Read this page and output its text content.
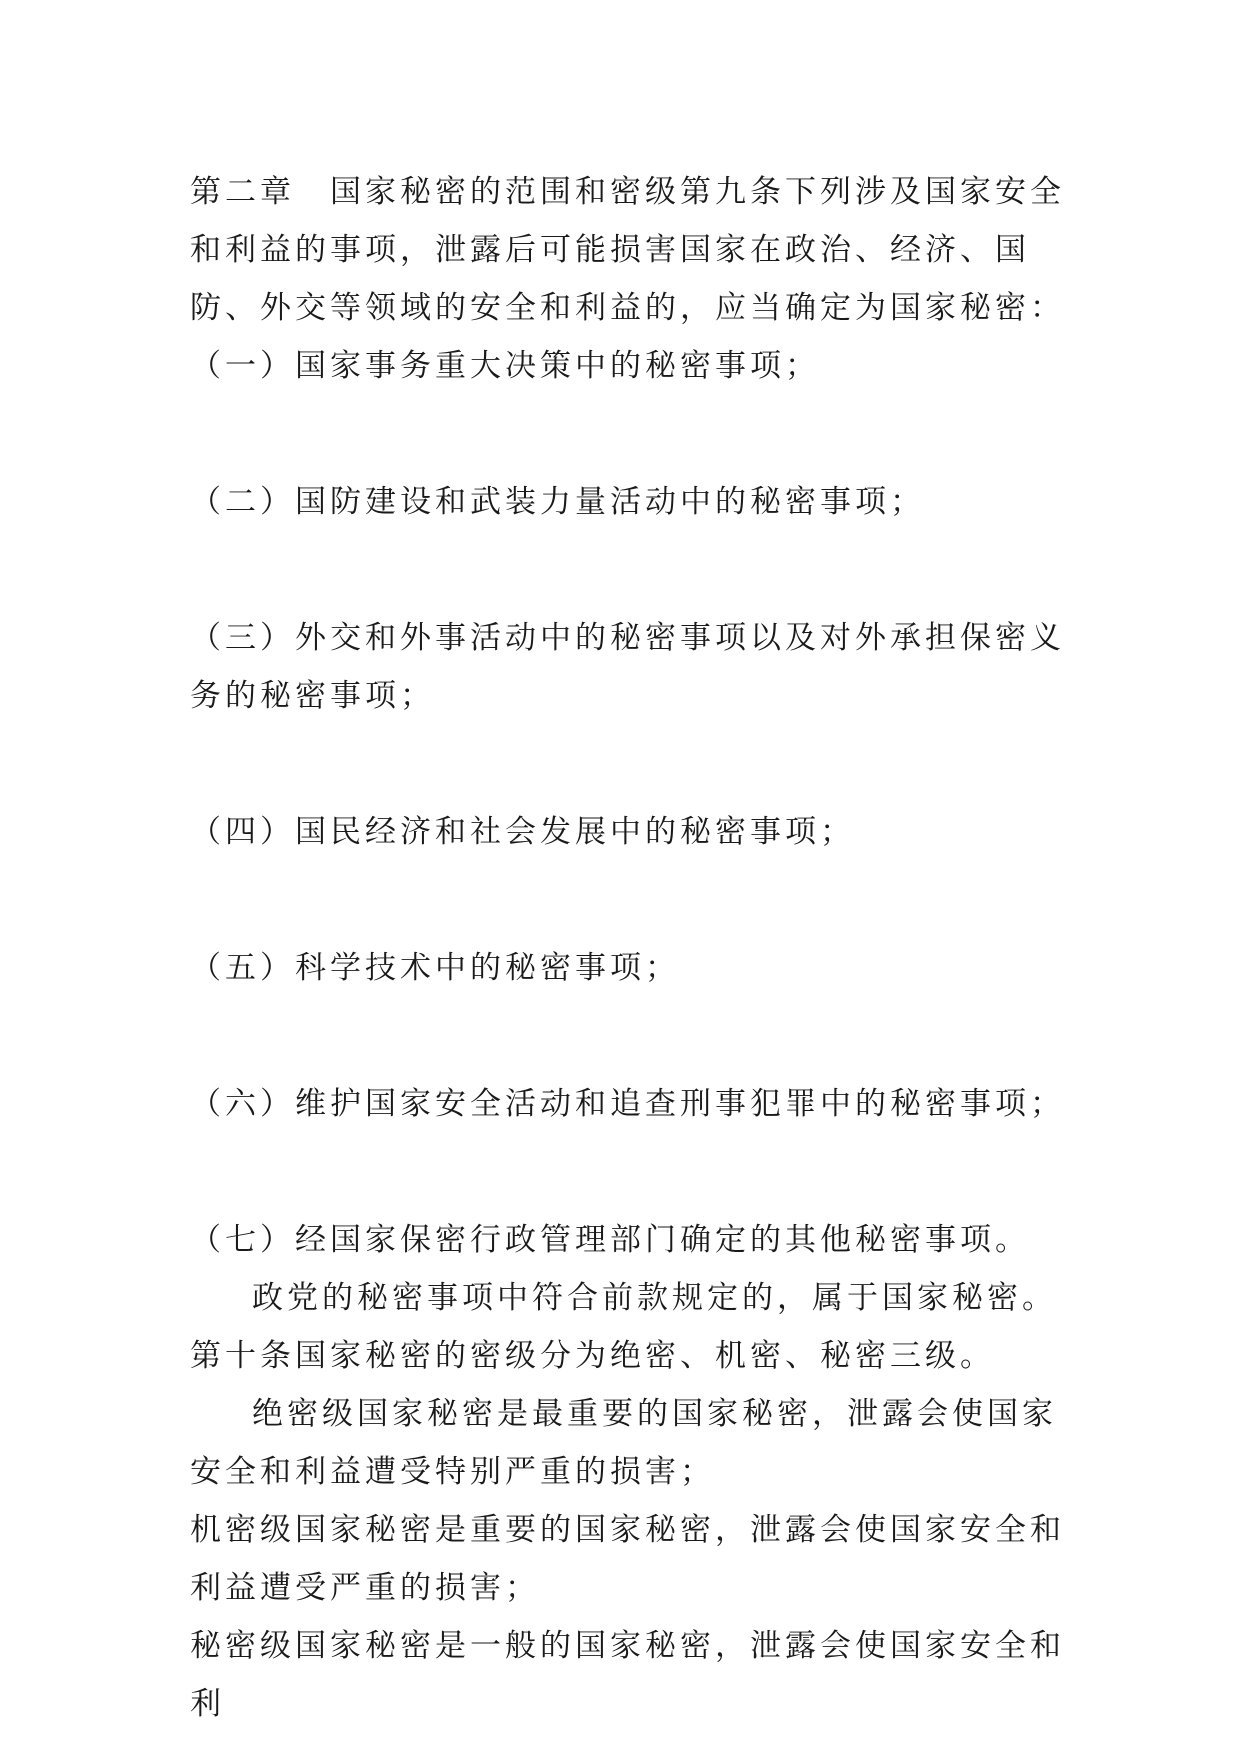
第二章　国家秘密的范围和密级第九条下列涉及国家安全和利益的事项，泄露后可能损害国家在政治、经济、国防、外交等领域的安全和利益的，应当确定为国家秘密：

（一）国家事务重大决策中的秘密事项；

（二）国防建设和武装力量活动中的秘密事项；

（三）外交和外事活动中的秘密事项以及对外承担保密义务的秘密事项；

（四）国民经济和社会发展中的秘密事项；

（五）科学技术中的秘密事项；

（六）维护国家安全活动和追查刑事犯罪中的秘密事项；

（七）经国家保密行政管理部门确定的其他秘密事项。

政党的秘密事项中符合前款规定的，属于国家秘密。第十条国家秘密的密级分为绝密、机密、秘密三级。

绝密级国家秘密是最重要的国家秘密，泄露会使国家安全和利益遭受特别严重的损害；

机密级国家秘密是重要的国家秘密，泄露会使国家安全和利益遭受严重的损害；

秘密级国家秘密是一般的国家秘密，泄露会使国家安全和利
